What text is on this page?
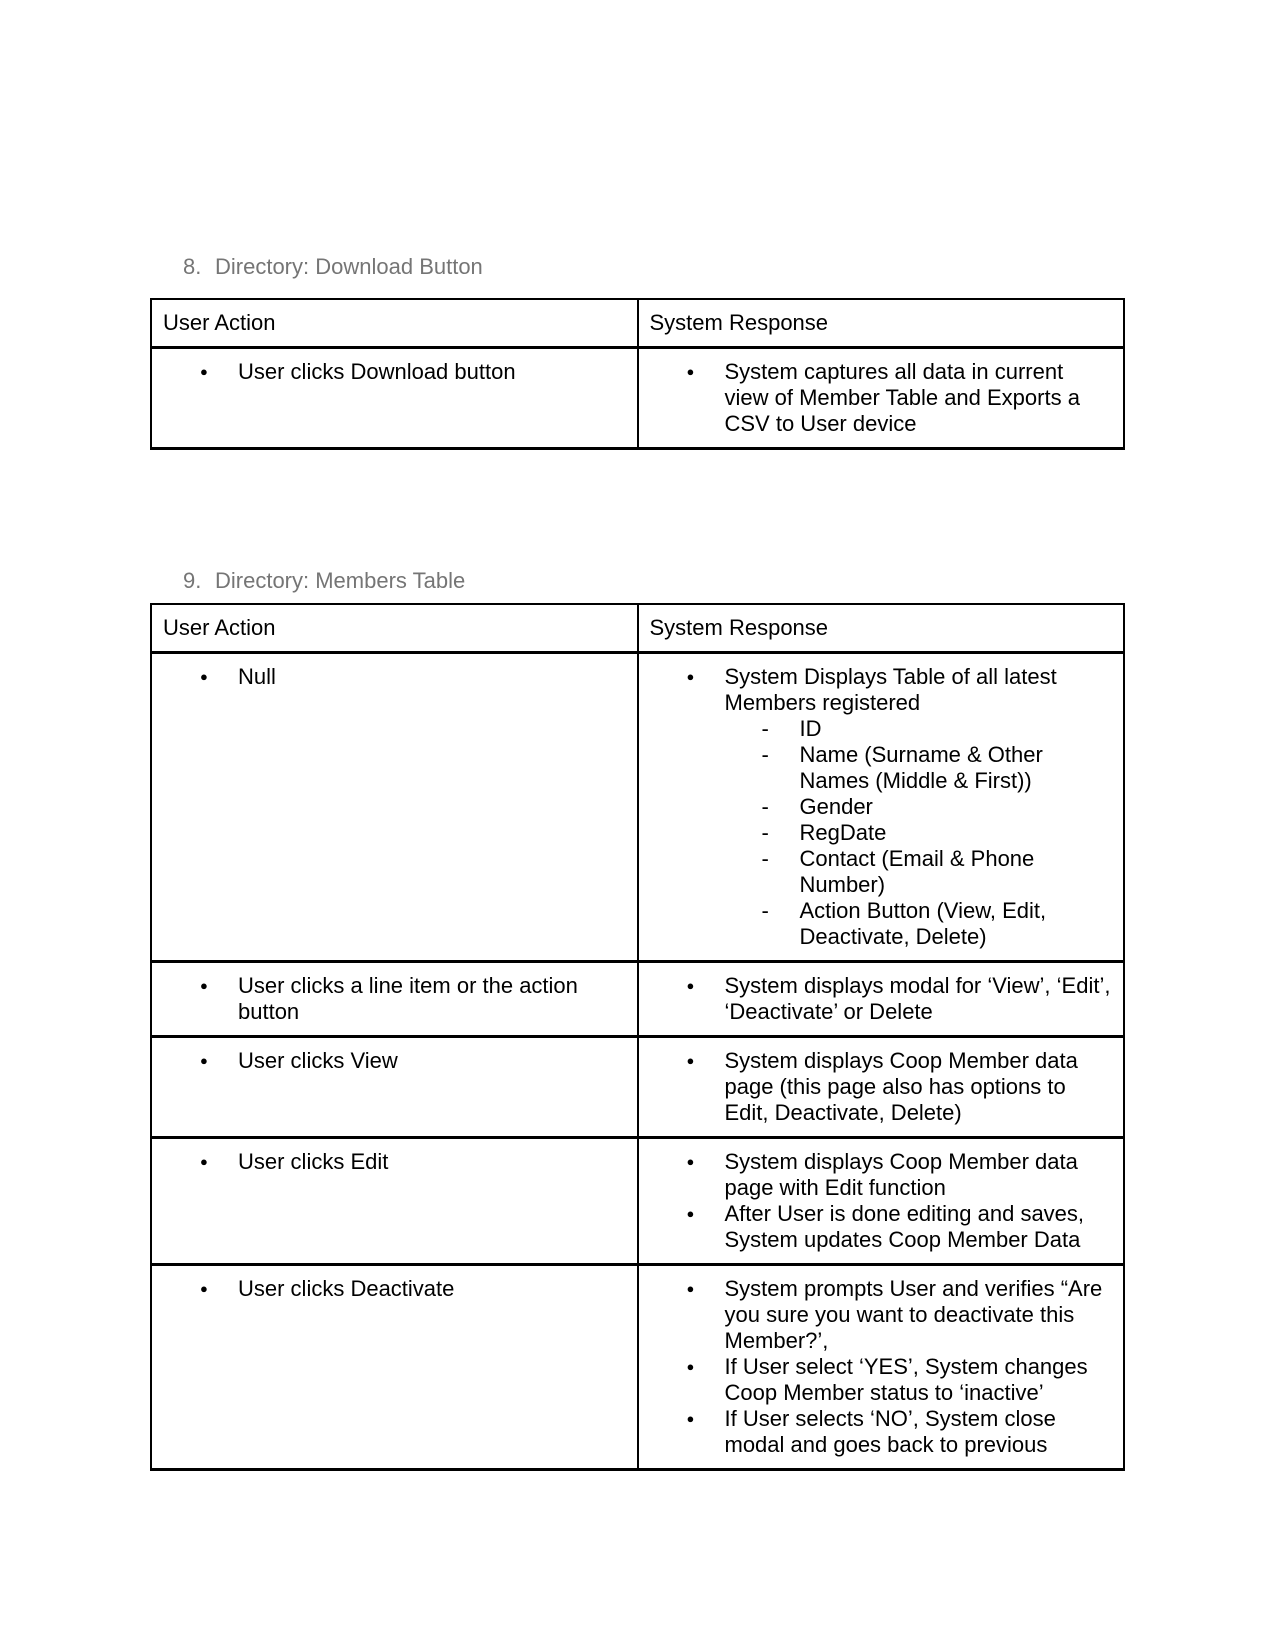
8. Directory: Download Button
User Action	System Response

● User clicks Download button	● System captures all data in current view of Member Table and Exports a CSV to User device
9. Directory: Members Table
User Action	System Response

●	Null	●	System Displays Table of all latest Members registered
-	ID
-	Name (Surname & Other Names (Middle & First))
-	Gender
-	RegDate
-	Contact (Email & Phone Number)
-	Action Button (View, Edit, Deactivate, Delete)

● User clicks a line item or the action button	● System displays modal for ‘View’, ‘Edit’, ‘Deactivate’ or Delete

● User clicks View	● System displays Coop Member data page (this page also has options to Edit, Deactivate, Delete)

●	User clicks Edit	●	System displays Coop Member data page with Edit function
●	After User is done editing and saves, System updates Coop Member Data

●	User clicks Deactivate	●	System prompts User and verifies “Are you sure you want to deactivate this Member?’,
●	If User select ‘YES’, System changes Coop Member status to ‘inactive’
●	If User selects ‘NO’, System close modal and goes back to previous
